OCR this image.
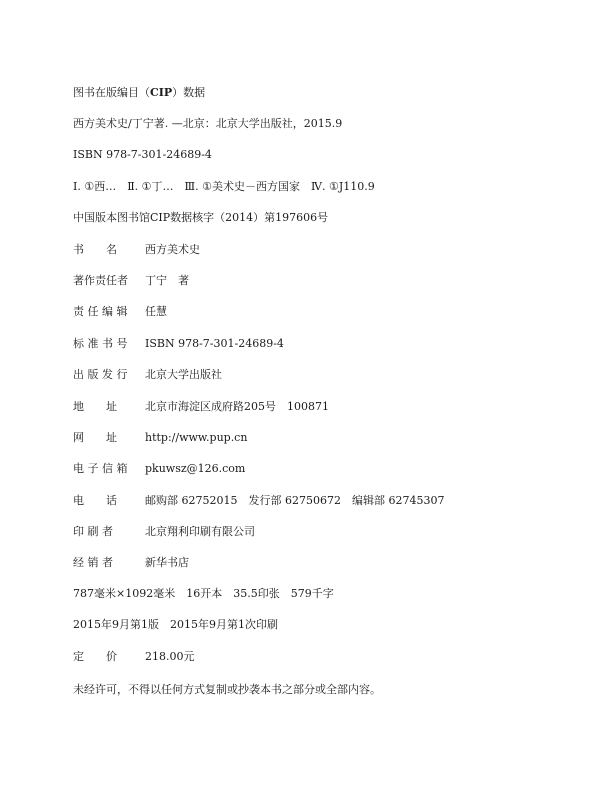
图书在版编目（CIP）数据
西方美术史/丁宁著. —北京：北京大学出版社，2015.9
ISBN 978-7-301-24689-4
Ⅰ. ①西…　Ⅱ. ①丁…　Ⅲ. ①美术史－西方国家　Ⅳ. ①J110.9
中国版本图书馆CIP数据核字（2014）第197606号
书　　名	西方美术史
著作责任者 丁宁　著
责 任 编 辑 任慧
标 准 书 号 ISBN 978-7-301-24689-4
出 版 发 行 北京大学出版社
地　　址	北京市海淀区成府路205号　100871
网　　址	http://www.pup.cn
电 子 信 箱 pkuwsz@126.com
电　　话	邮购部 62752015　发行部 62750672　编辑部 62745307
印 刷 者	北京翔利印刷有限公司
经 销 者	新华书店
787毫米×1092毫米　16开本　35.5印张　579千字
2015年9月第1版　2015年9月第1次印刷
定　　价	218.00元
未经许可，不得以任何方式复制或抄袭本书之部分或全部内容。
